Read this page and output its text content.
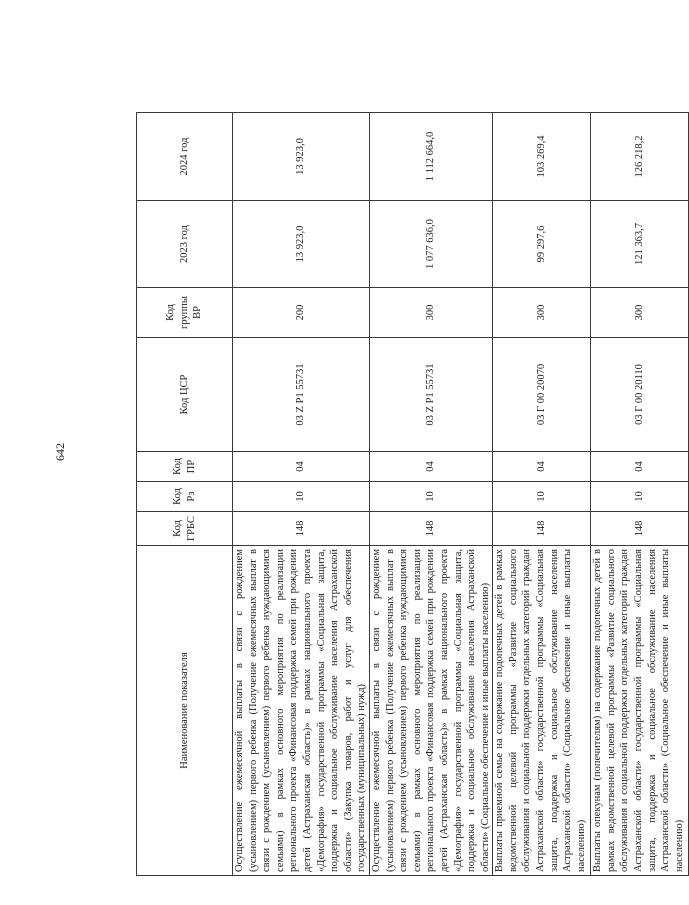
642
Наименование показателя	Код ГРБС	Код Рз	Код ПР	Код ЦСР	Код группы ВР	2023 год	2024 год
Осуществление ежемесячной выплаты в связи с рождением (усыновлением) первого ребенка (Получение ежемесячных выплат в связи с рождением (усыновлением) первого ребенка нуждающимися семьями) в рамках основного мероприятия по реализации регионального проекта «Финансовая поддержка семей при рождении детей (Астраханская область)» в рамках национального проекта «Демография» государственной программы «Социальная защита, поддержка и социальное обслуживание населения Астраханской области» (Закупка товаров, работ и услуг для обеспечения государственных (муниципальных) нужд)	148	10	04	03 Z P1 55731	200	13 923,0	13 923,0
Осуществление ежемесячной выплаты в связи с рождением (усыновлением) первого ребенка (Получение ежемесячных выплат в связи с рождением (усыновлением) первого ребенка нуждающимися семьями) в рамках основного мероприятия по реализации регионального проекта «Финансовая поддержка семей при рождении детей (Астраханская область)» в рамках национального проекта «Демография» государственной программы «Социальная защита, поддержка и социальное обслуживание населения Астраханской области» (Социальное обеспечение и иные выплаты населению)	148	10	04	03 Z P1 55731	300	1 077 636,0	1 112 664,0
Выплаты приемной семье на содержание подопечных детей в рамках ведомственной целевой программы «Развитие социального обслуживания и социальной поддержки отдельных категорий граждан Астраханской области» государственной программы «Социальная защита, поддержка и социальное обслуживание населения Астраханской области» (Социальное обеспечение и иные выплаты населению)	148	10	04	03 Г 00 20070	300	99 297,6	103 269,4
Выплаты опекунам (попечителям) на содержание подопечных детей в рамках ведомственной целевой программы «Развитие социального обслуживания и социальной поддержки отдельных категорий граждан Астраханской области» государственной программы «Социальная защита, поддержка и социальное обслуживание населения Астраханской области» (Социальное обеспечение и иные выплаты населению)	148	10	04	03 Г 00 20110	300	121 363,7	126 218,2
